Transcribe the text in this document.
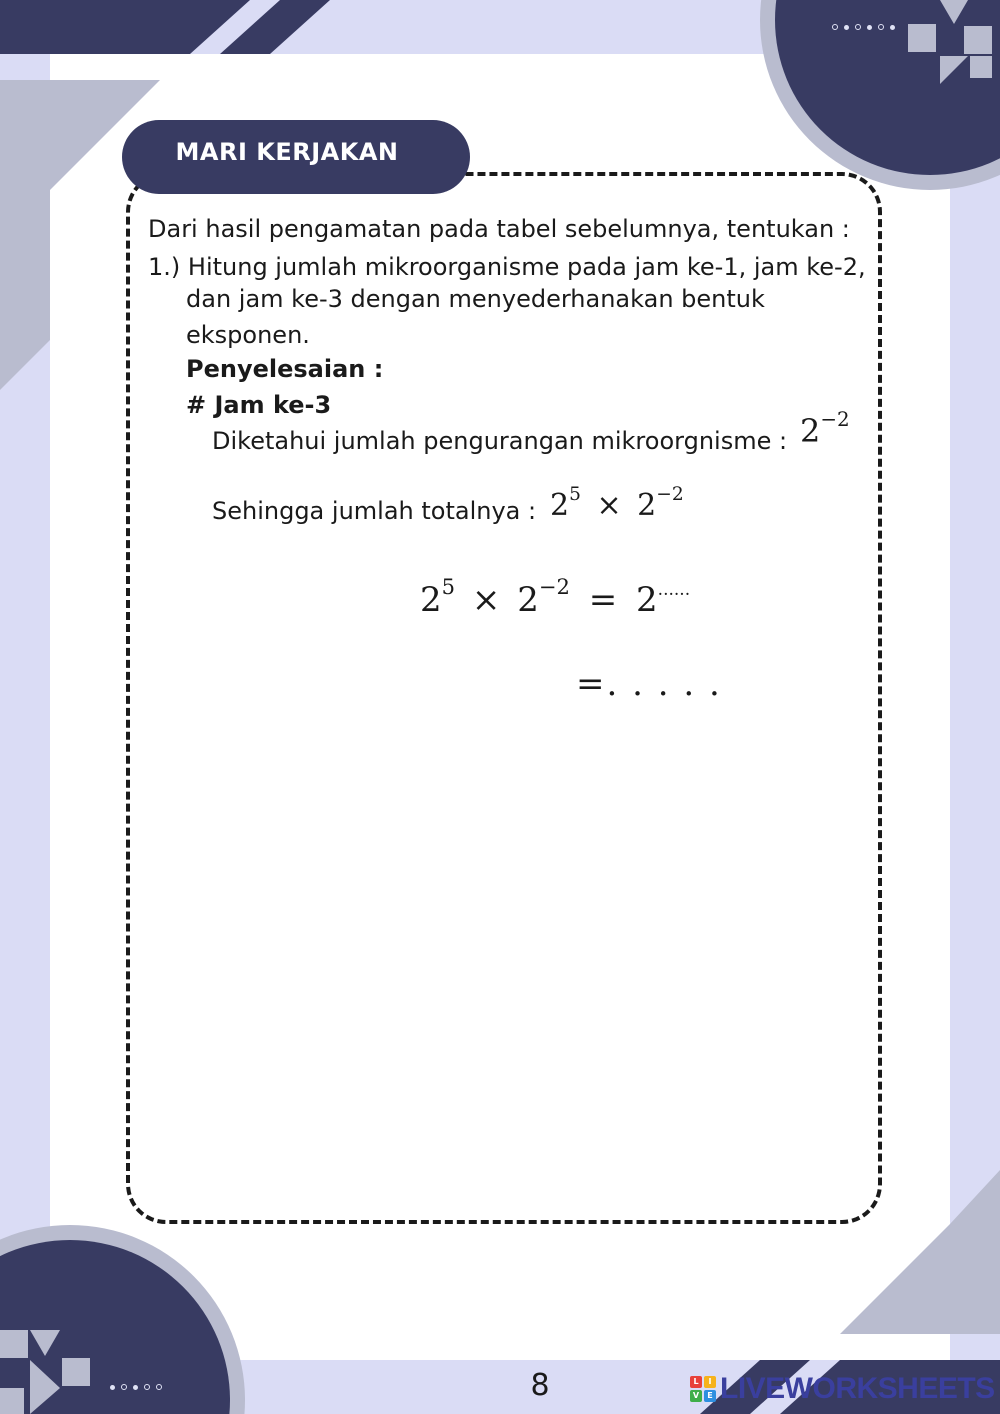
MARI KERJAKAN
Dari hasil pengamatan pada tabel sebelumnya, tentukan :
1.) Hitung jumlah mikroorganisme pada jam ke-1, jam ke-2,
dan jam ke-3 dengan menyederhanakan bentuk
eksponen.
Penyelesaian :
# Jam ke-3
Diketahui jumlah pengurangan mikroorgnisme :
Sehingga jumlah totalnya :
$2^{-2}$
$2^5 \times 2^{-2}$
$2^5 \times 2^{-2} = 2^{......}$
=. . . . .
8	L	I
V	E LIVEWORKSHEETS
